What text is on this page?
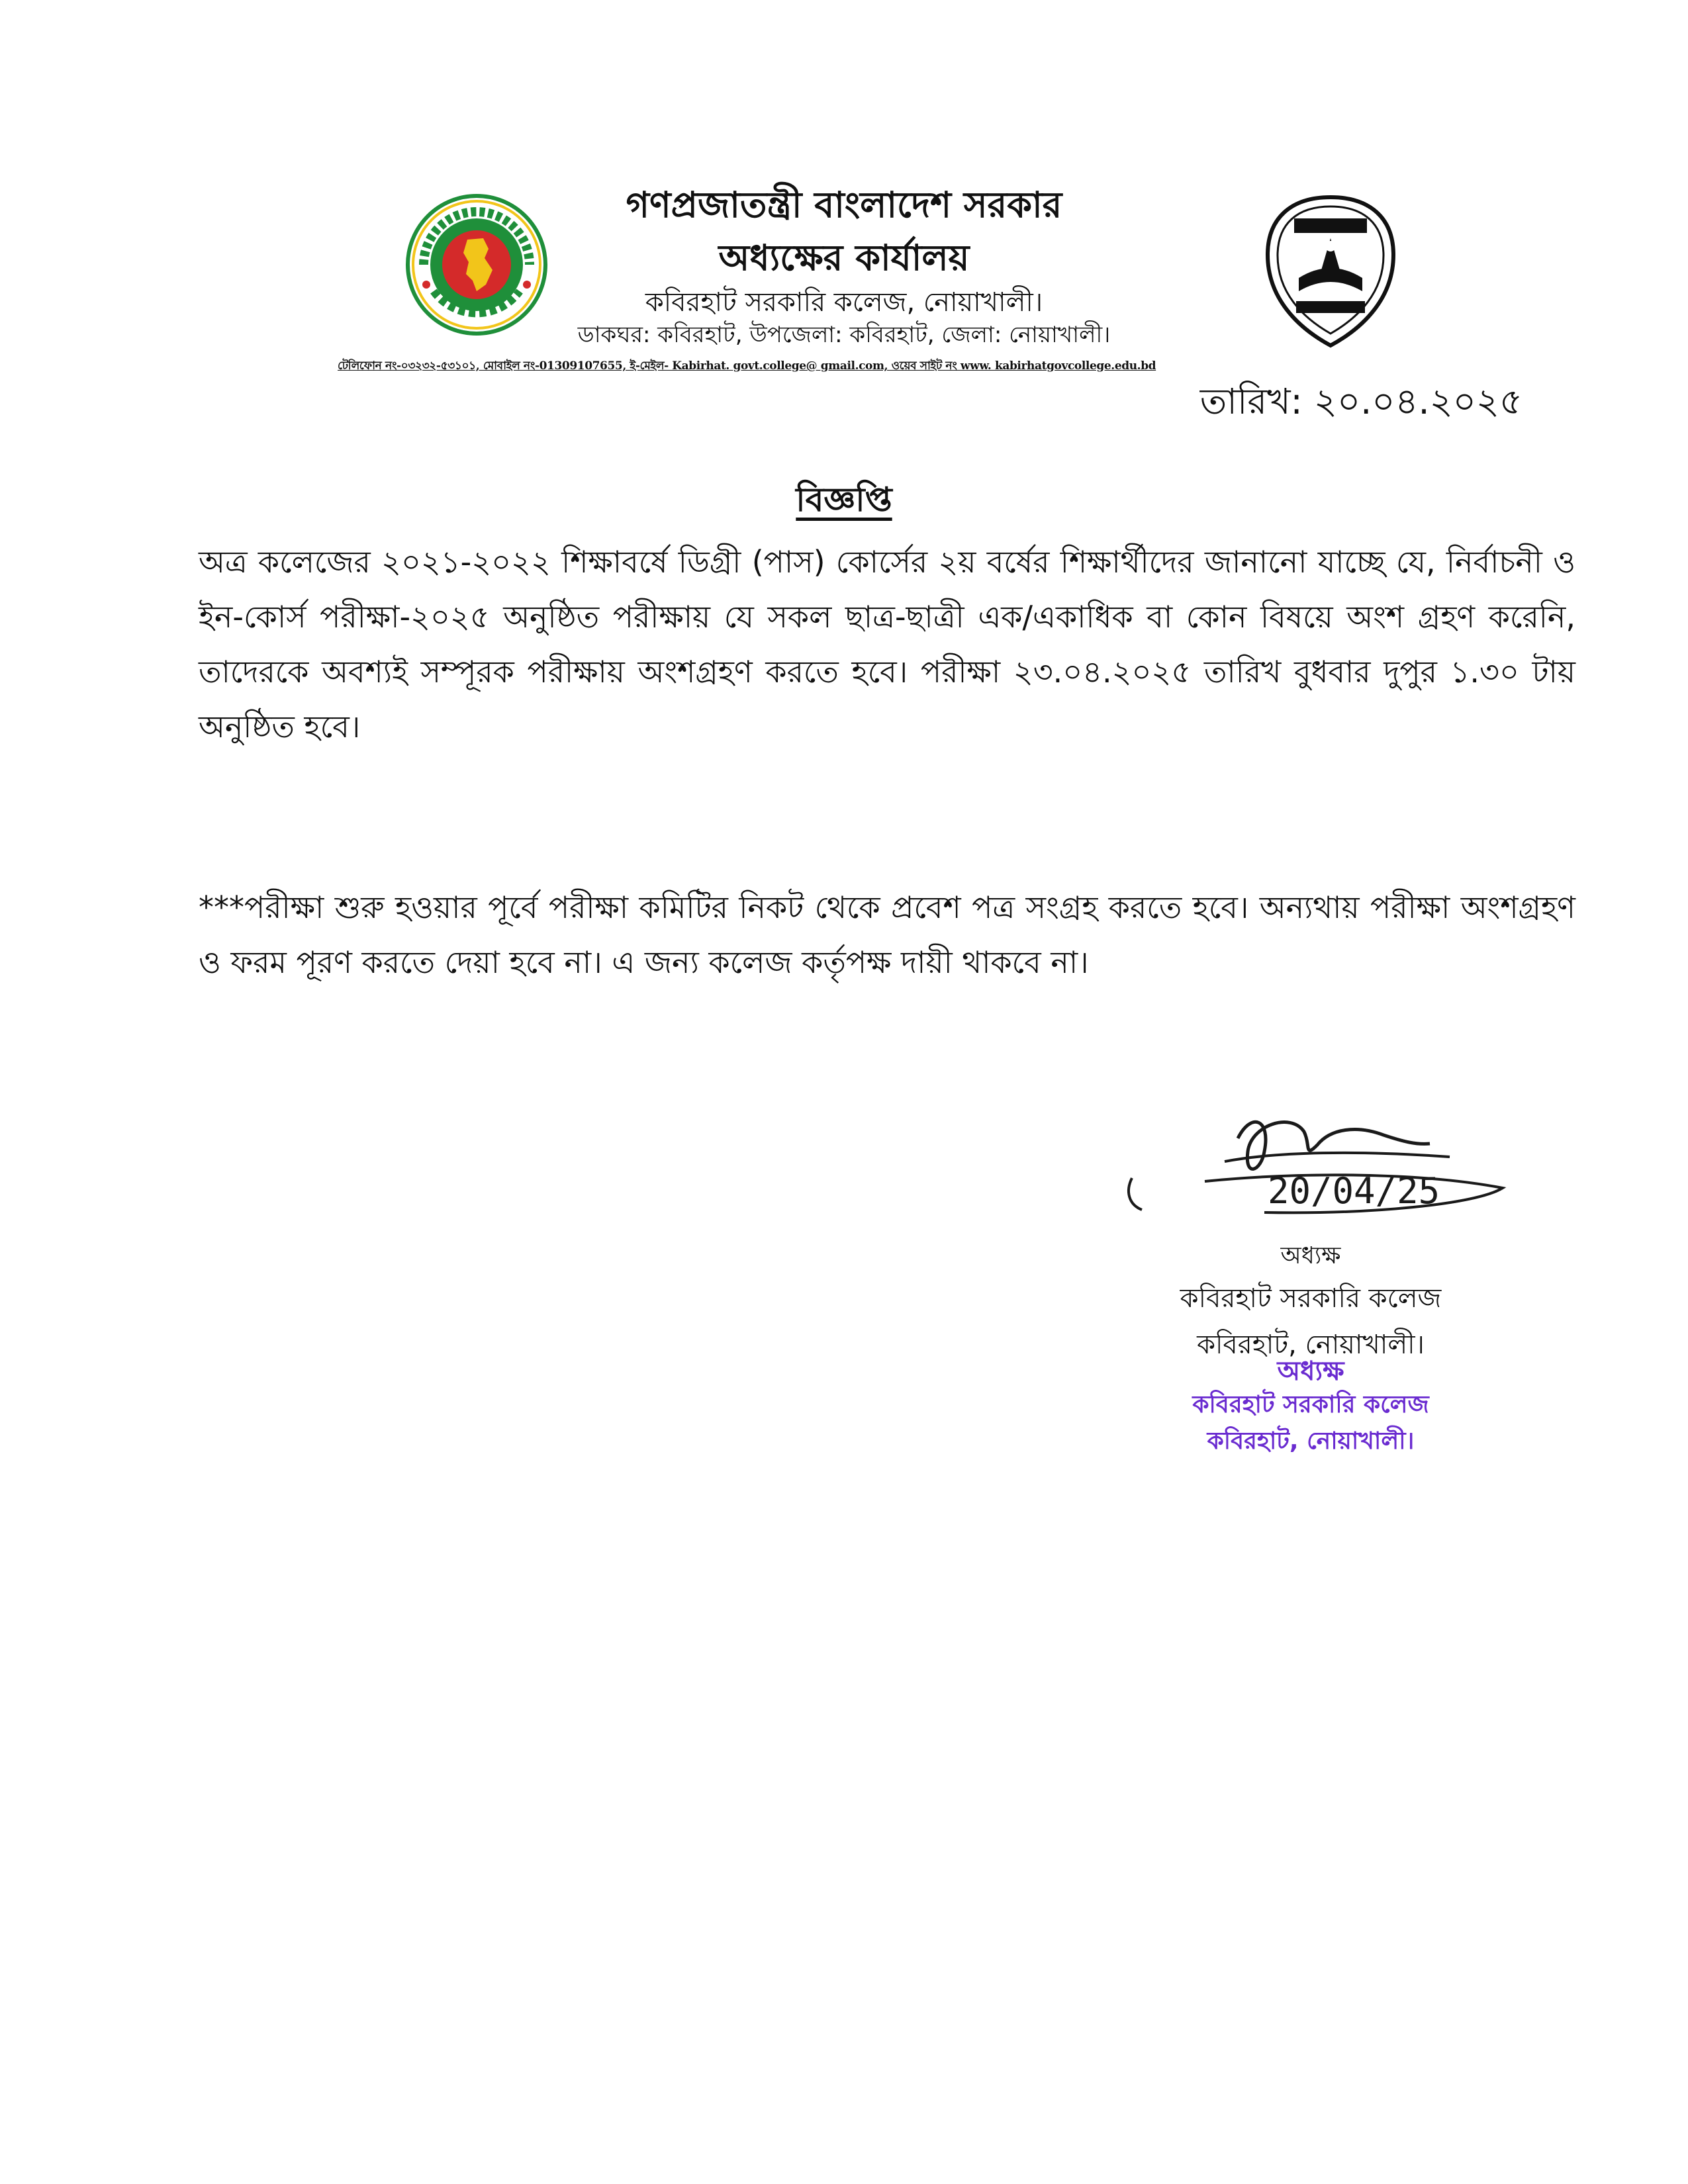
গণপ্রজাতন্ত্রী বাংলাদেশ সরকার
অধ্যক্ষের কার্যালয়
কবিরহাট সরকারি কলেজ, নোয়াখালী।
ডাকঘর: কবিরহাট, উপজেলা: কবিরহাট, জেলা: নোয়াখালী।
টেলিফোন নং-০৩২৩২-৫৩১০১, মোবাইল নং-01309107655, ই-মেইল- Kabirhat. govt.college@ gmail.com, ওয়েব সাইট নং www. kabirhatgovcollege.edu.bd
তারিখ: ২০.০৪.২০২৫
বিজ্ঞপ্তি
অত্র কলেজের ২০২১-২০২২ শিক্ষাবর্ষে ডিগ্রী (পাস) কোর্সের ২য় বর্ষের শিক্ষার্থীদের জানানো যাচ্ছে যে, নির্বাচনী ও ইন-কোর্স পরীক্ষা-২০২৫ অনুষ্ঠিত পরীক্ষায় যে সকল ছাত্র-ছাত্রী এক/একাধিক বা কোন বিষয়ে অংশ গ্রহণ করেনি, তাদেরকে অবশ্যই সম্পূরক পরীক্ষায় অংশগ্রহণ করতে হবে। পরীক্ষা ২৩.০৪.২০২৫ তারিখ বুধবার দুপুর ১.৩০ টায় অনুষ্ঠিত হবে।
***পরীক্ষা শুরু হওয়ার পূর্বে পরীক্ষা কমিটির নিকট থেকে প্রবেশ পত্র সংগ্রহ করতে হবে। অন্যথায় পরীক্ষা অংশগ্রহণ ও ফরম পূরণ করতে দেয়া হবে না। এ জন্য কলেজ কর্তৃপক্ষ দায়ী থাকবে না।
20/04/25
অধ্যক্ষ
কবিরহাট সরকারি কলেজ
কবিরহাট, নোয়াখালী।
অধ্যক্ষ
কবিরহাট সরকারি কলেজ
কবিরহাট, নোয়াখালী।
